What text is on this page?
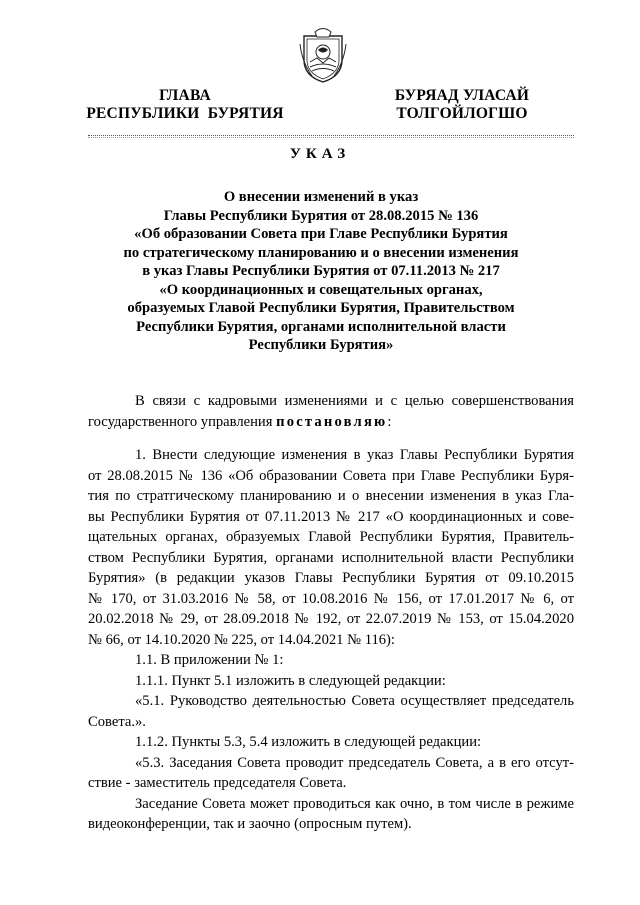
ГЛАВА
РЕСПУБЛИКИ  БУРЯТИЯ
БУРЯАД УЛАСАЙ
ТОЛГОЙЛОГШО
УКАЗ
О внесении изменений в указ
Главы Республики Бурятия от 28.08.2015 № 136
«Об образовании Совета при Главе Республики Бурятия
по стратегическому планированию и о внесении изменения
в указ Главы Республики Бурятия от 07.11.2013 № 217
«О координационных и совещательных органах,
образуемых Главой Республики Бурятия, Правительством
Республики Бурятия, органами исполнительной власти
Республики Бурятия»
В связи с кадровыми изменениями и с целью совершенствования
государственного управления постановляю:
1. Внести следующие изменения в указ Главы Республики Бурятия
от 28.08.2015 № 136 «Об образовании Совета при Главе Республики Буря-
тия по стратгическому планированию и о внесении изменения в указ Гла-
вы Республики Бурятия от 07.11.2013 № 217 «О координационных и сове-
щательных органах, образуемых Главой Республики Бурятия, Правитель-
ством Республики Бурятия, органами исполнительной власти Республики
Бурятия» (в редакции указов Главы Республики Бурятия от 09.10.2015
№ 170, от 31.03.2016 № 58, от 10.08.2016 № 156, от 17.01.2017 № 6, от
20.02.2018 № 29, от 28.09.2018 № 192, от 22.07.2019 № 153, от 15.04.2020
№ 66, от 14.10.2020 № 225, от 14.04.2021 № 116):
1.1. В приложении № 1:
1.1.1. Пункт 5.1 изложить в следующей редакции:
«5.1. Руководство деятельностью Совета осуществляет председатель
Совета.».
1.1.2. Пункты 5.3, 5.4 изложить в следующей редакции:
«5.3. Заседания Совета проводит председатель Совета, а в его отсут-
ствие - заместитель председателя Совета.
Заседание Совета может проводиться как очно, в том числе в режиме
видеоконференции, так и заочно (опросным путем).
